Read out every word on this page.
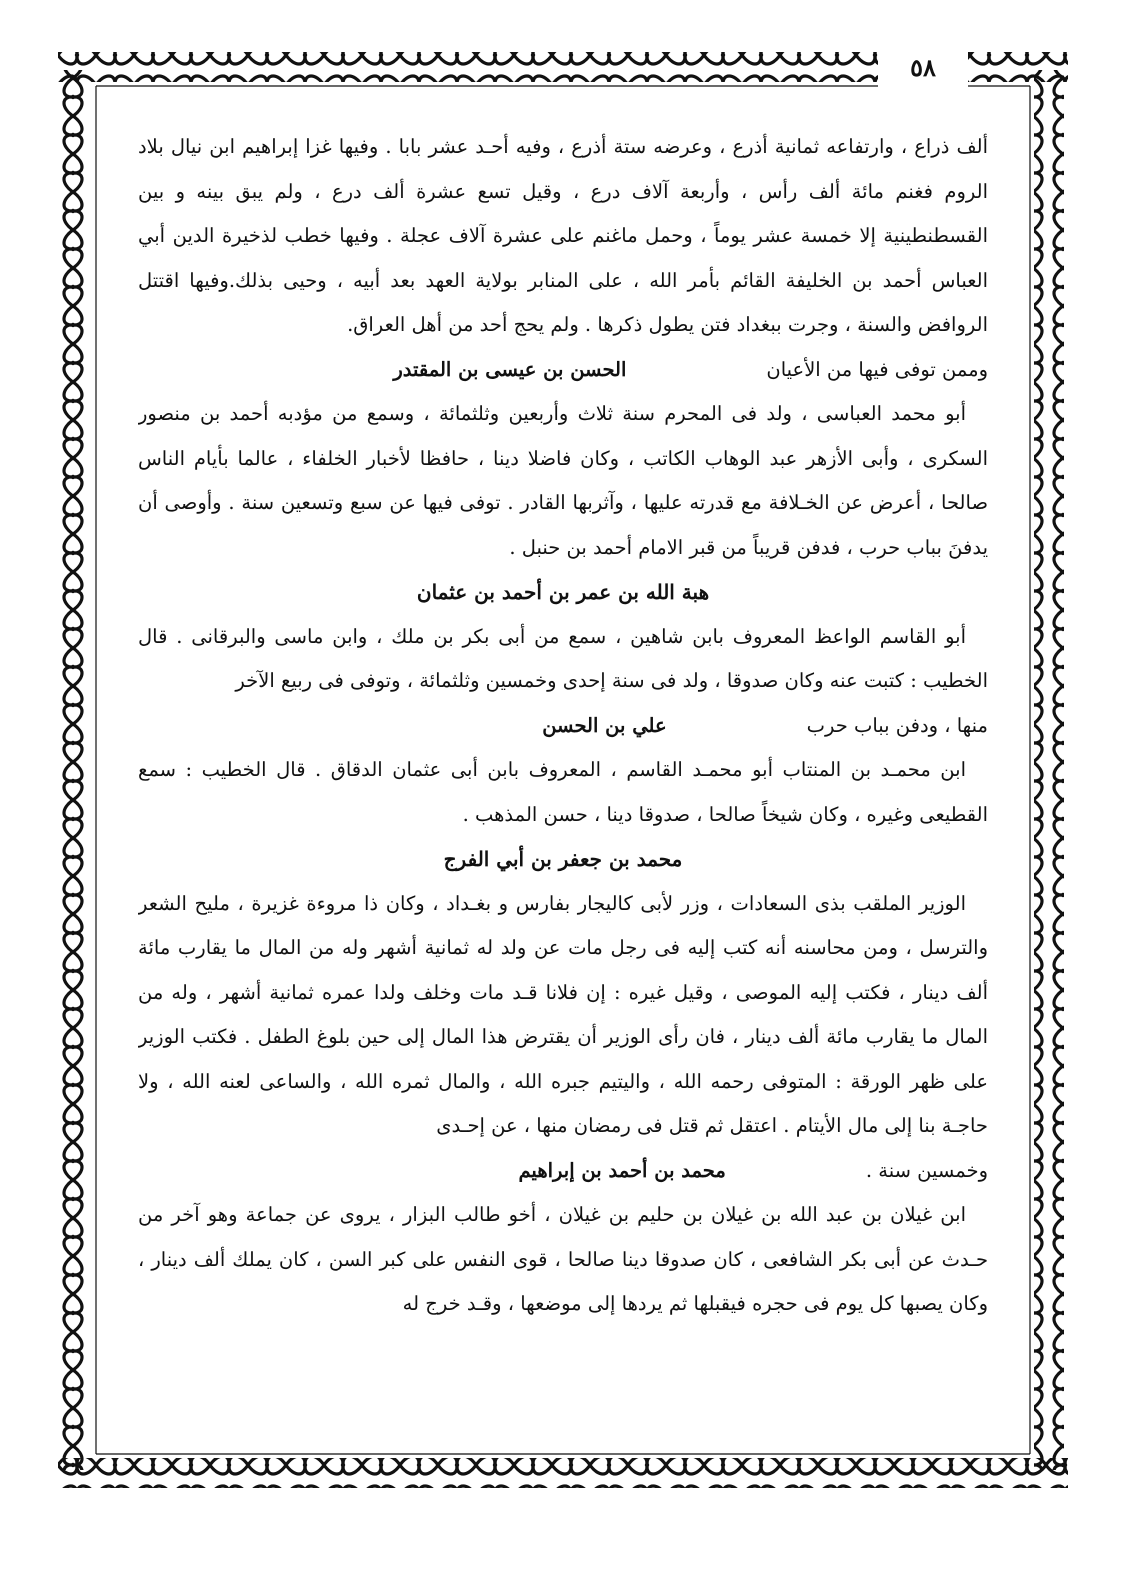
٥٨

ألف ذراع ، وارتفاعه ثمانية أذرع ، وعرضه ستة أذرع ، وفيه أحـد عشر بابا . وفيها غزا إبراهيم ابن نيال بلاد الروم فغنم مائة ألف رأس ، وأربعة آلاف درع ، وقيل تسع عشرة ألف درع ، ولم يبق بينه و بين القسطنطينية إلا خمسة عشر يوماً ، وحمل ماغنم على عشرة آلاف عجلة . وفيها خطب لذخيرة الدين أبي العباس أحمد بن الخليفة القائم بأمر الله ، على المنابر بولاية العهد بعد أبيه ، وحيى بذلك.وفيها اقتتل الروافض والسنة ، وجرت ببغداد فتن يطول ذكرها . ولم يحج أحد من أهل العراق.

وممن توفى فيها من الأعيانالحسن بن عيسى بن المقتدر

أبو محمد العباسى ، ولد فى المحرم سنة ثلاث وأربعين وثلثمائة ، وسمع من مؤدبه أحمد بن منصور السكرى ، وأبى الأزهر عبد الوهاب الكاتب ، وكان فاضلا دينا ، حافظا لأخبار الخلفاء ، عالما بأيام الناس صالحا ، أعرض عن الخـلافة مع قدرته عليها ، وآثربها القادر . توفى فيها عن سبع وتسعين سنة . وأوصى أن يدفنَ بباب حرب ، فدفن قريباً من قبر الامام أحمد بن حنبل .

هبة الله بن عمر بن أحمد بن عثمان

أبو القاسم الواعظ المعروف بابن شاهين ، سمع من أبى بكر بن ملك ، وابن ماسى والبرقانى . قال الخطيب : كتبت عنه وكان صدوقا ، ولد فى سنة إحدى وخمسين وثلثمائة ، وتوفى فى ربيع الآخر

منها ، ودفن بباب حربعلي بن الحسن

ابن محمـد بن المنتاب أبو محمـد القاسم ، المعروف بابن أبى عثمان الدقاق . قال الخطيب : سمع القطيعى وغيره ، وكان شيخاً صالحا ، صدوقا دينا ، حسن المذهب .

محمد بن جعفر بن أبي الفرج

الوزير الملقب بذى السعادات ، وزر لأبى كاليجار بفارس و بغـداد ، وكان ذا مروءة غزيرة ، مليح الشعر والترسل ، ومن محاسنه أنه كتب إليه فى رجل مات عن ولد له ثمانية أشهر وله من المال ما يقارب مائة ألف دينار ، فكتب إليه الموصى ، وقيل غيره : إن فلانا قـد مات وخلف ولدا عمره ثمانية أشهر ، وله من المال ما يقارب مائة ألف دينار ، فان رأى الوزير أن يقترض هذا المال إلى حين بلوغ الطفل . فكتب الوزير على ظهر الورقة : المتوفى رحمه الله ، واليتيم جبره الله ، والمال ثمره الله ، والساعى لعنه الله ، ولا حاجـة بنا إلى مال الأيتام . اعتقل ثم قتل فى رمضان منها ، عن إحـدى

وخمسين سنة .محمد بن أحمد بن إبراهيم

ابن غيلان بن عبد الله بن غيلان بن حليم بن غيلان ، أخو طالب البزار ، يروى عن جماعة وهو آخر من حـدث عن أبى بكر الشافعى ، كان صدوقا دينا صالحا ، قوى النفس على كبر السن ، كان يملك ألف دينار ، وكان يصبها كل يوم فى حجره فيقبلها ثم يردها إلى موضعها ، وقـد خرج له
